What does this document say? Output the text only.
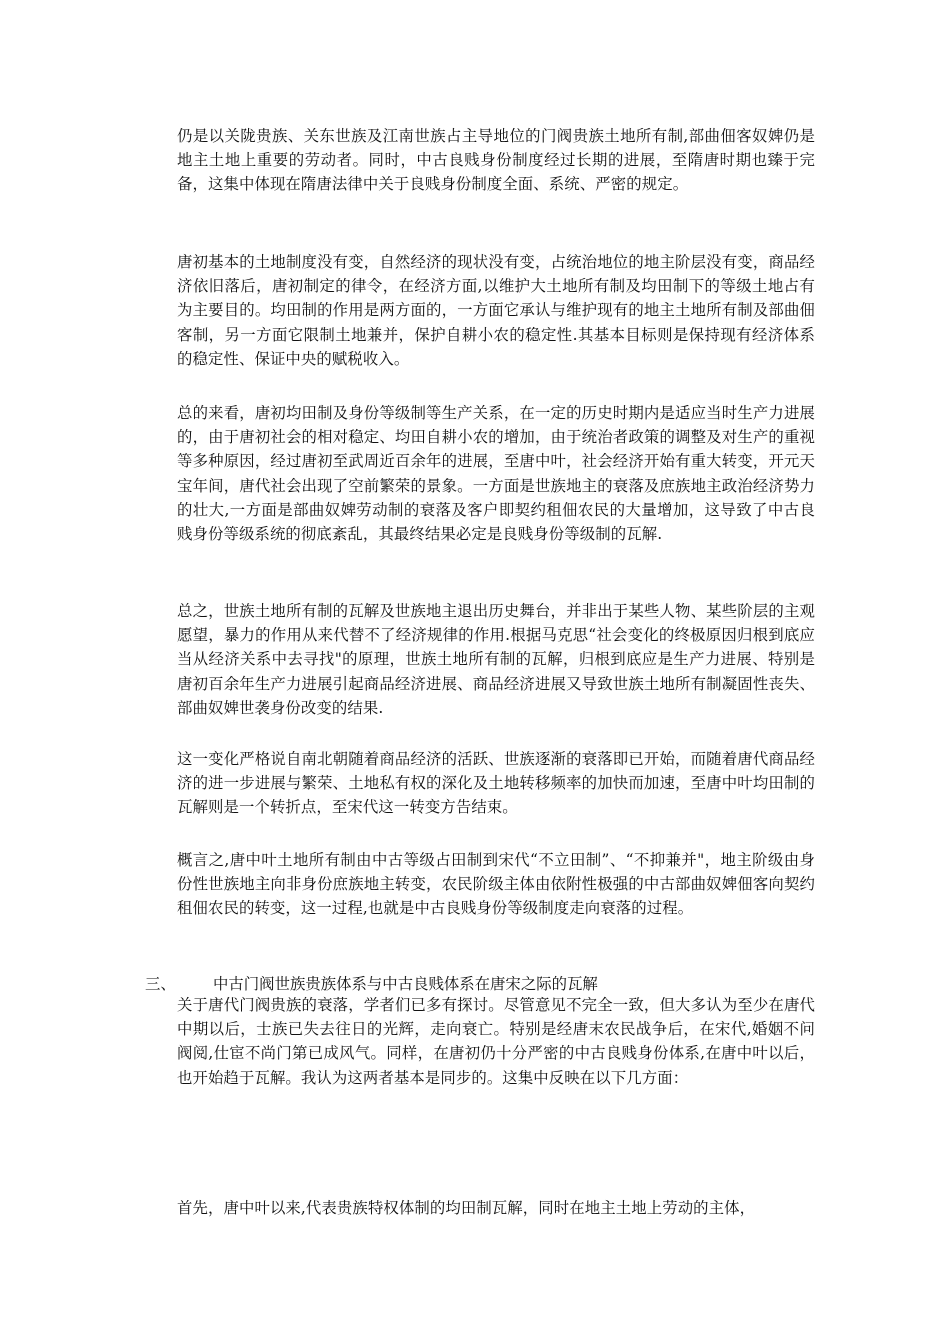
仍是以关陇贵族、关东世族及江南世族占主导地位的门阀贵族土地所有制,部曲佃客奴婢仍是地主土地上重要的劳动者。同时，中古良贱身份制度经过长期的进展，至隋唐时期也臻于完备，这集中体现在隋唐法律中关于良贱身份制度全面、系统、严密的规定。

唐初基本的土地制度没有变，自然经济的现状没有变，占统治地位的地主阶层没有变，商品经济依旧落后，唐初制定的律令，在经济方面,以维护大土地所有制及均田制下的等级土地占有为主要目的。均田制的作用是两方面的，一方面它承认与维护现有的地主土地所有制及部曲佃客制，另一方面它限制土地兼并，保护自耕小农的稳定性.其基本目标则是保持现有经济体系的稳定性、保证中央的赋税收入。

总的来看，唐初均田制及身份等级制等生产关系，在一定的历史时期内是适应当时生产力进展的，由于唐初社会的相对稳定、均田自耕小农的增加，由于统治者政策的调整及对生产的重视等多种原因，经过唐初至武周近百余年的进展，至唐中叶，社会经济开始有重大转变，开元天宝年间，唐代社会出现了空前繁荣的景象。一方面是世族地主的衰落及庶族地主政治经济势力的壮大,一方面是部曲奴婢劳动制的衰落及客户即契约租佃农民的大量增加，这导致了中古良贱身份等级系统的彻底紊乱，其最终结果必定是良贱身份等级制的瓦解.

总之，世族土地所有制的瓦解及世族地主退出历史舞台，并非出于某些人物、某些阶层的主观愿望，暴力的作用从来代替不了经济规律的作用.根据马克思“社会变化的终极原因归根到底应当从经济关系中去寻找"的原理，世族土地所有制的瓦解，归根到底应是生产力进展、特别是唐初百余年生产力进展引起商品经济进展、商品经济进展又导致世族土地所有制凝固性丧失、部曲奴婢世袭身份改变的结果.

这一变化严格说自南北朝随着商品经济的活跃、世族逐渐的衰落即已开始，而随着唐代商品经济的进一步进展与繁荣、土地私有权的深化及土地转移频率的加快而加速，至唐中叶均田制的瓦解则是一个转折点，至宋代这一转变方告结束。

概言之,唐中叶土地所有制由中古等级占田制到宋代“不立田制”、“不抑兼并"，地主阶级由身份性世族地主向非身份庶族地主转变，农民阶级主体由依附性极强的中古部曲奴婢佃客向契约租佃农民的转变，这一过程,也就是中古良贱身份等级制度走向衰落的过程。

三、	中古门阀世族贵族体系与中古良贱体系在唐宋之际的瓦解

关于唐代门阀贵族的衰落，学者们已多有探讨。尽管意见不完全一致，但大多认为至少在唐代中期以后，士族已失去往日的光辉，走向衰亡。特别是经唐末农民战争后，在宋代,婚姻不问阀阅,仕宦不尚门第已成风气。同样，在唐初仍十分严密的中古良贱身份体系,在唐中叶以后，也开始趋于瓦解。我认为这两者基本是同步的。这集中反映在以下几方面：

首先，唐中叶以来,代表贵族特权体制的均田制瓦解，同时在地主土地上劳动的主体，
